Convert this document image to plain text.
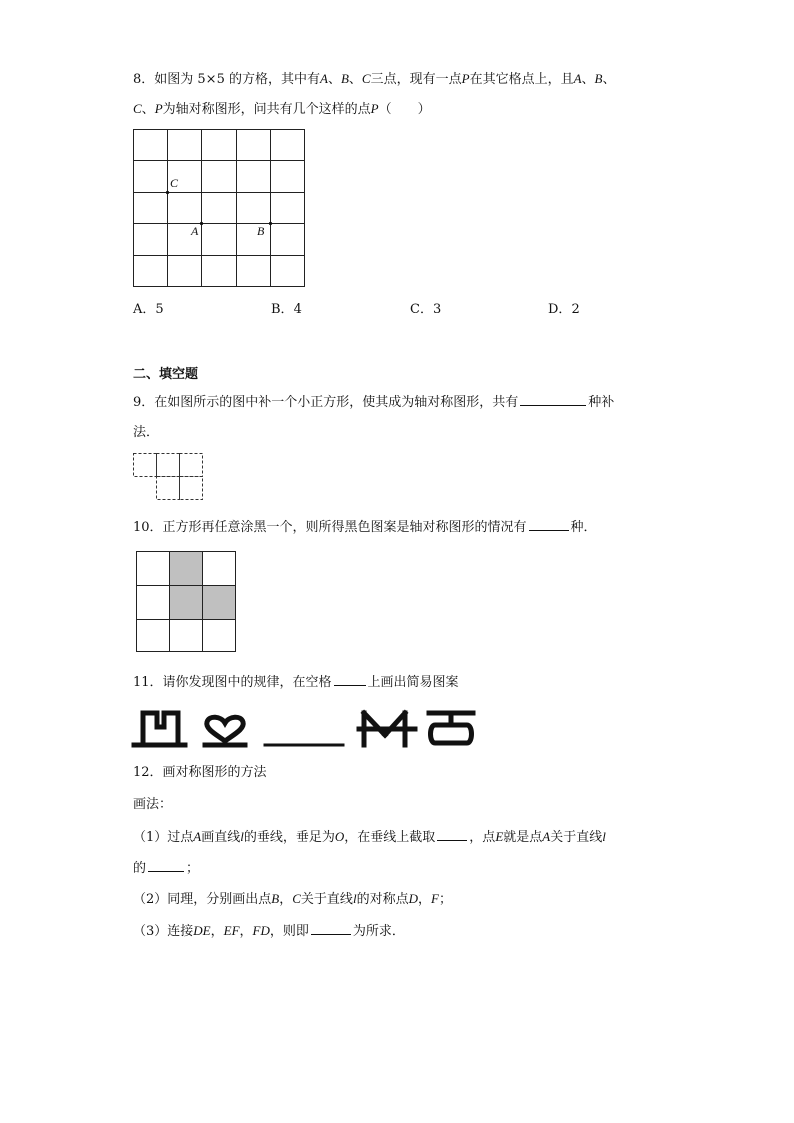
8．如图为 5×5 的方格，其中有A、B、C三点，现有一点P在其它格点上，且A、B、
C、P为轴对称图形，问共有几个这样的点P（　　）
C
A	B
A．5	B．4	C．3	D．2
二、填空题
9．在如图所示的图中补一个小正方形，使其成为轴对称图形，共有	种补
法．
10．正方形再任意涂黑一个，则所得黑色图案是轴对称图形的情况有	种．
11．请你发现图中的规律，在空格	上画出简易图案
12．画对称图形的方法
画法：
（1）过点A画直线l的垂线，垂足为O，在垂线上截取	，点E就是点A关于直线l
的	；
（2）同理，分别画出点B，C关于直线l的对称点D，F；
（3）连接DE，EF，FD，则即	为所求．
